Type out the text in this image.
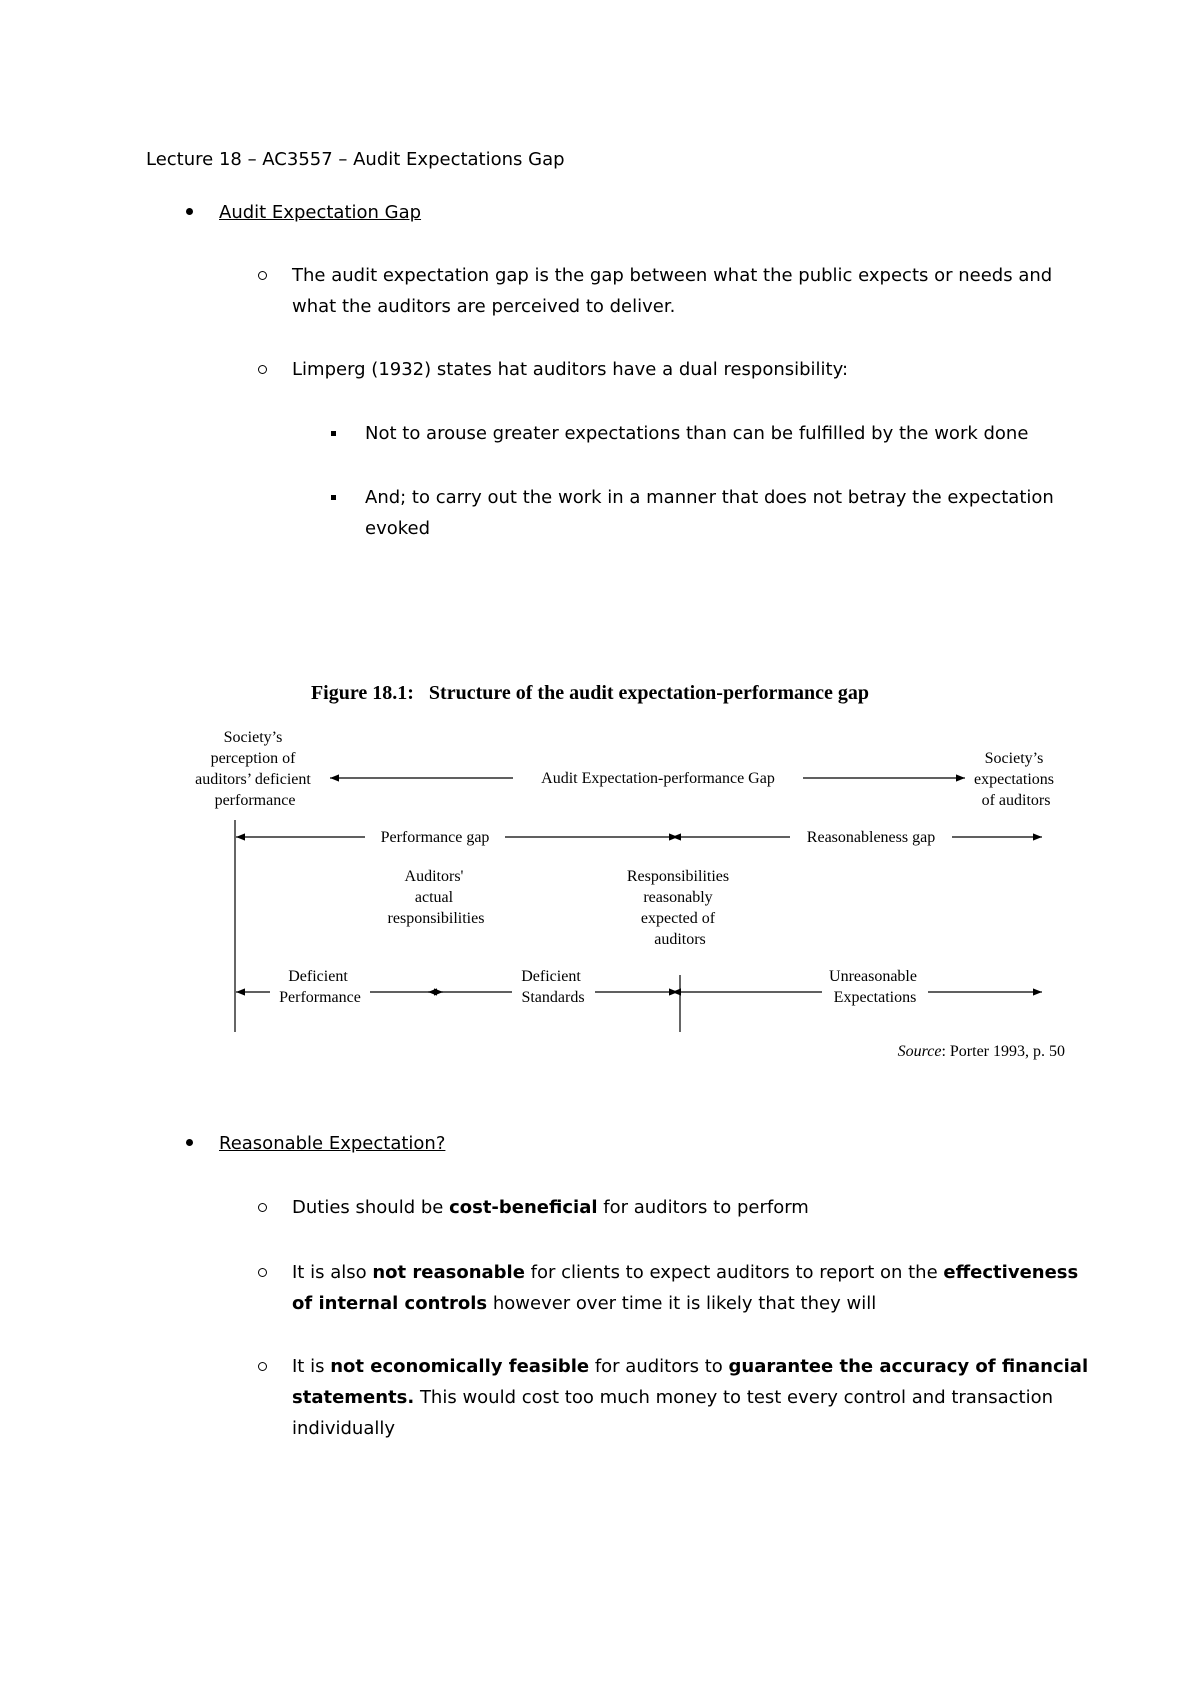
Lecture 18 – AC3557 – Audit Expectations Gap
Audit Expectation Gap
The audit expectation gap is the gap between what the public expects or needs and
what the auditors are perceived to deliver.
Limperg (1932) states hat auditors have a dual responsibility:
Not to arouse greater expectations than can be fulfilled by the work done
And; to carry out the work in a manner that does not betray the expectation
evoked
Figure 18.1:   Structure of the audit expectation-performance gap
Society’s perception of auditors’ deficient performance
Society’s expectations of auditors
Audit Expectation-performance Gap
Performance gap	Reasonableness gap
Auditors' actual responsibilities
Responsibilities reasonably expected of auditors
Deficient Performance
Deficient Standards
Unreasonable Expectations
Source: Porter 1993, p. 50
Reasonable Expectation?
Duties should be cost-beneficial for auditors to perform
It is also not reasonable for clients to expect auditors to report on the effectiveness
of internal controls however over time it is likely that they will
It is not economically feasible for auditors to guarantee the accuracy of financial
statements. This would cost too much money to test every control and transaction
individually
